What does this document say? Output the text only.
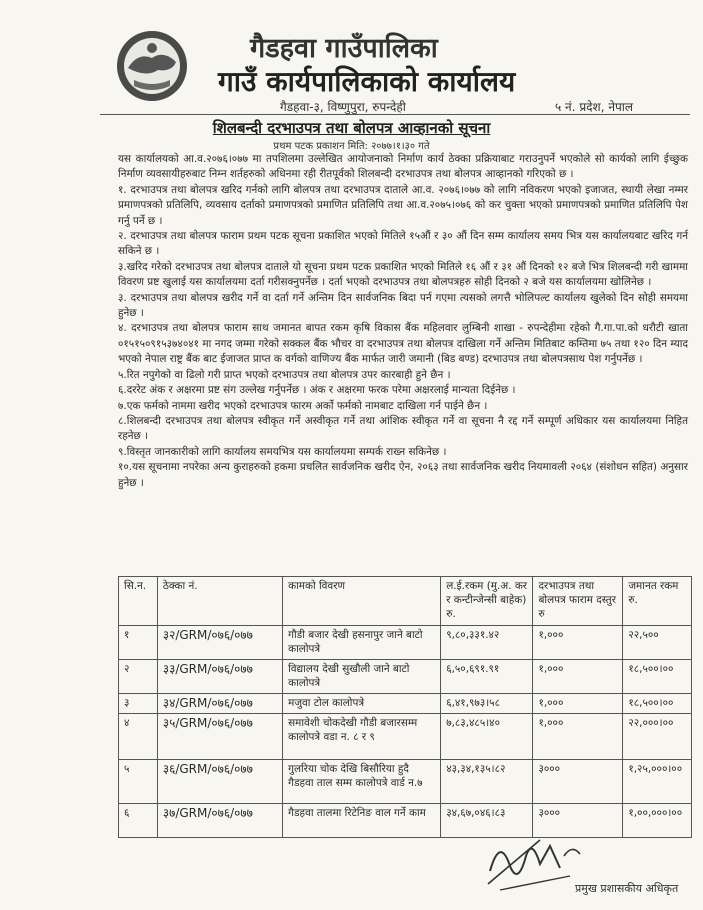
गैडहवा गाउँपालिका
गाउँ कार्यपालिकाको कार्यालय
गैडहवा-३, विष्णुपुरा, रुपन्देही	५ नं. प्रदेश, नेपाल
शिलबन्दी दरभाउपत्र तथा बोलपत्र आव्हानको सूचना
प्रथम पटक प्रकाशन मिति: २०७७।१।३० गते

यस कार्यालयको आ.व.२०७६।०७७ मा तपशिलमा उल्लेखित आयोजनाको निर्माण कार्य ठेक्का प्रक्रियाबाट गराउनुपर्ने भएकोले सो कार्यको लागि ईच्छुक निर्माण व्यवसायीहरुबाट निम्न शर्तहरुको अधिनमा रही रीतपूर्वको शिलबन्दी दरभाउपत्र तथा बोलपत्र आव्हानको गरिएको छ ।

१. दरभाउपत्र तथा बोलपत्र खरिद गर्नको लागि बोलपत्र तथा दरभाउपत्र दाताले आ.व. २०७६।०७७ को लागि नविकरण भएको इजाजत, स्थायी लेखा नम्मर प्रमाणपत्रको प्रतिलिपि, व्यवसाय दर्ताको प्रमाणपत्रको प्रमाणित प्रतिलिपि तथा आ.व.२०७५।०७६ को कर चुक्ता भएको प्रमाणपत्रको प्रमाणित प्रतिलिपि पेश गर्नु पर्ने छ ।

२. दरभाउपत्र तथा बोलपत्र फाराम प्रथम पटक सूचना प्रकाशित भएको मितिले १५औं र ३० औं दिन सम्म कार्यालय समय भित्र यस कार्यालयबाट खरिद गर्न सकिने छ ।

३.खरिद गरेको दरभाउपत्र तथा बोलपत्र दाताले यो सूचना प्रथम पटक प्रकाशित भएको मितिले १६ औं र ३१ औं दिनको १२ बजे भित्र शिलबन्दी गरी खाममा विवरण प्रष्ट खुलाई यस कार्यालयमा दर्ता गरीसक्नुपर्नेछ । दर्ता भएको दरभाउपत्र तथा बोलपत्रहरु सोही दिनको २ बजे यस कार्यालयमा खोलिनेछ ।

३. दरभाउपत्र तथा बोलपत्र खरीद गर्ने वा दर्ता गर्ने अन्तिम दिन सार्वजनिक बिदा पर्न गएमा त्यसको लगत्तै भोलिपल्ट कार्यालय खुलेको दिन सोही समयमा हुनेछ ।

४. दरभाउपत्र तथा बोलपत्र फाराम साथ जमानत बापत रकम कृषि विकास बैंक महिलवार लुम्बिनी शाखा - रुपन्देहीमा रहेको गै.गा.पा.को धरौटी खाता ०१५१५०९१५३७४०४१ मा नगद जम्मा गरेको सक्कल बैंक भौचर वा दरभाउपत्र तथा बोलपत्र दाखिला गर्ने अन्तिम मितिबाट कम्तिमा ७५ तथा १२० दिन म्याद भएको नेपाल राष्ट्र बैंक बाट ईजाजत प्राप्त क वर्गको वाणिज्य बैंक मार्फत जारी जमानी (बिड बण्ड) दरभाउपत्र तथा बोलपत्रसाथ पेश गर्नुपर्नेछ ।

५.रित नपुगेको वा ढिलो गरी प्राप्त भएको दरभाउपत्र तथा बोलपत्र उपर कारबाही हुने छैन ।

६.दररेट अंक र अक्षरमा प्रष्ट संग उल्लेख गर्नुपर्नेछ । अंक र अक्षरमा फरक परेमा अक्षरलाई मान्यता दिईनेछ ।

७.एक फर्मको नाममा खरीद भएको दरभाउपत्र फारम अर्को फर्मको नामबाट दाखिला गर्न पाईने छैन ।

८.शिलबन्दी दरभाउपत्र तथा बोलपत्र स्वीकृत गर्ने अस्वीकृत गर्ने तथा आंशिक स्वीकृत गर्ने वा सूचना नै रद्द गर्ने सम्पूर्ण अधिकार यस कार्यालयमा निहित रहनेछ ।

९.विस्तृत जानकारीको लागि कार्यालय समयभित्र यस कार्यालयमा सम्पर्क राख्न सकिनेछ ।

१०.यस सूचनामा नपरेका अन्य कुराहरुको हकमा प्रचलित सार्वजनिक खरीद ऐन, २०६३ तथा सार्वजनिक खरीद नियमावली २०६४ (संशोधन सहित) अनुसार हुनेछ ।

सि.न.	ठेक्का नं.	कामको विवरण	ल.ई.रकम (मु.अ. कर र कन्टीन्जेन्सी बाहेक) रु.	दरभाउपत्र तथा बोलपत्र फाराम दस्तुर रु	जमानत रकम रु.
१	३२/GRM/०७६/०७७	गौडी बजार देखी हसनापुर जाने बाटो कालोपत्रे	९,८०,३३१.४२	१,०००	२२,५००
२	३३/GRM/०७६/०७७	विद्यालय देखी सुखौली जाने बाटो कालोपत्रे	६,५०,६९१.९१	१,०००	१८,५००।००
३	३४/GRM/०७६/०७७	मजुवा टोल कालोपत्रे	६,४१,९७३।५८	१,०००	१८,५००।००
४	३५/GRM/०७६/०७७	समावेशी चोकदेखी गौडी बजारसम्म कालोपत्रे वडा न. ८ र ९	७,८३,४८५।४०	१,०००	२२,०००।००
५	३६/GRM/०७६/०७७	गुलरिया चोक देखि बिसौरिया हुदै गैडहवा ताल सम्म कालोपत्रे वार्ड न.७	४३,३४,१३५।८२	३०००	१,२५,०००।००
६	३७/GRM/०७६/०७७	गैडहवा तालमा रिटेनिङ वाल गर्ने काम	३४,६७,०४६।८३	३०००	१,००,०००।००
प्रमुख प्रशासकीय अधिकृत
